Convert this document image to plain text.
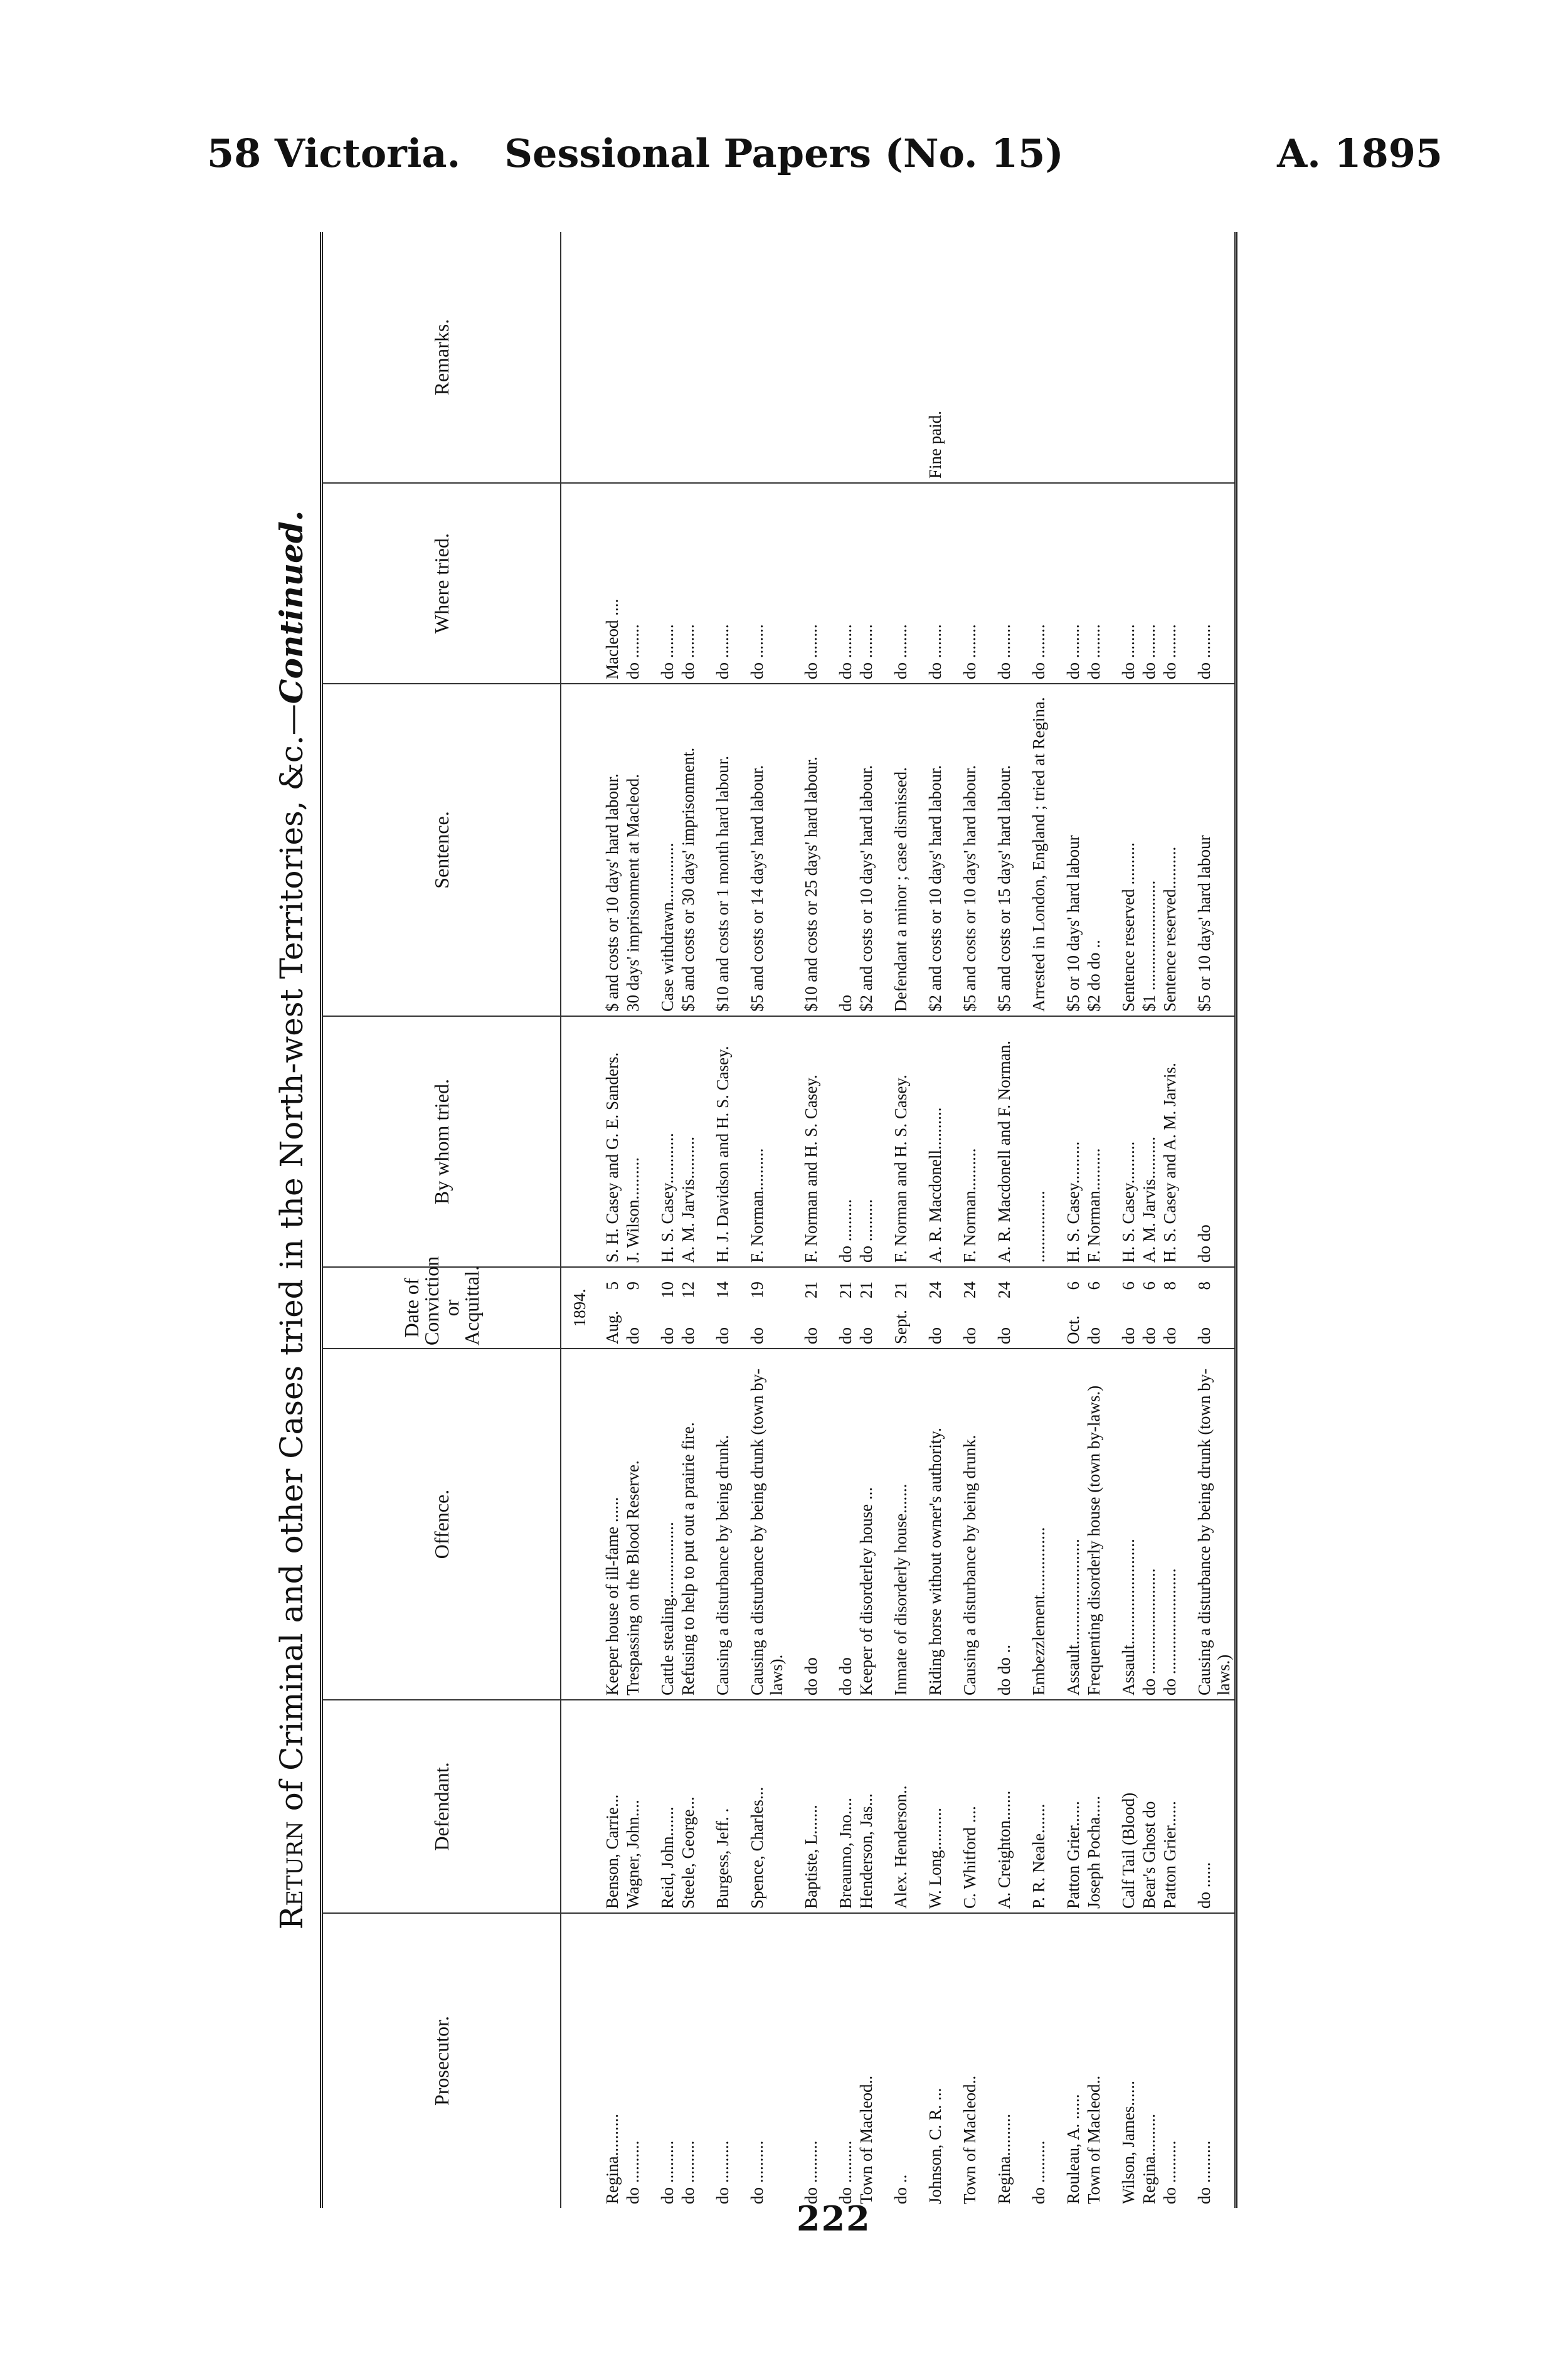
58 Victoria.	Sessional Papers (No. 15)	A. 1895
Return of Criminal and other Cases tried in the North-west Territories, &c.—Continued.
Prosecutor.	Defendant.	Offence.	Date of Conviction or Acquittal.	By whom tried.	Sentence.	Where tried.	Remarks.
			1894.				
Regina..........	Benson, Carrie...	Keeper house of ill-fame ......	Aug.5	S. H. Casey and G. E. Sanders.	$ and costs or 10 days' hard labour.	Macleod ....	
do ..........	Wagner, John....	Trespassing on the Blood Reserve.	do9	J. Wilson..........	30 days' imprisonment at Macleod.	do ........	

do ..........	Reid, John.......	Cattle stealing..................	do10	H. S. Casey............	Case withdrawn..............	do ........	
do ..........	Steele, George...	Refusing to help to put out a prairie fire.	do12	A. M. Jarvis..........	$5 and costs or 30 days' imprisonment.	do ........	

do ..........	Burgess, Jeff. .	Causing a disturbance by being drunk.	do14	H. J. Davidson and H. S. Casey.	$10 and costs or 1 month hard labour.	do ........	

do ..........	Spence, Charles...	Causing a disturbance by being drunk (town by-laws).	do19	F. Norman..........	$5 and costs or 14 days' hard labour.	do ........	

do ..........	Baptiste, L.......	do do	do21	F. Norman and H. S. Casey.	$10 and costs or 25 days' hard labour.	do ........	

do ..........	Breaumo, Jno....	do do	do21	do ..........	do	do ........	
Town of Macleod..	Henderson, Jas...	Keeper of disorderley house ...	do21	do ..........	$2 and costs or 10 days' hard labour.	do ........	

do ..	Alex. Henderson..	Inmate of disorderly house.......	Sept.21	F. Norman and H. S. Casey.	Defendant a minor ; case dismissed.	do ........	

Johnson, C. R. ...	W. Long..........	Riding horse without owner's authority.	do24	A. R. Macdonell..........	$2 and costs or 10 days' hard labour.	do ........	Fine paid.

Town of Macleod..	C. Whitford ....	Causing a disturbance by being drunk.	do24	F. Norman..........	$5 and costs or 10 days' hard labour.	do ........	

Regina..........	A. Creighton.......	do do ..	do24	A. R. Macdonell and F. Norman.	$5 and costs or 15 days' hard labour.	do ........	

do ..........	P. R. Neale.......	Embezzlement................		.................	Arrested in London, England ; tried at Regina.	do ........	

Rouleau, A. ......	Patton Grier......	Assault.........................	Oct.6	H. S. Casey..........	$5 or 10 days' hard labour	do ........	
Town of Macleod..	Joseph Pocha.....	Frequenting disorderly house (town by-laws.)	do6	F. Norman..........	$2 do do ..	do ........	

Wilson, James......	Calf Tail (Blood)	Assault.........................	do6	H. S. Casey..........	Sentence reserved ..........	do ........	
Regina..........	Bear's Ghost do	do .........................	do6	A. M. Jarvis..........	$1 ..........................	do ........	
do ..........	Patton Grier......	do .........................	do8	H. S. Casey and A. M. Jarvis.	Sentence reserved..........	do ........	

do ..........	do ......	Causing a disturbance by being drunk (town by-laws.)	do8	do do	$5 or 10 days' hard labour	do ........	
222
